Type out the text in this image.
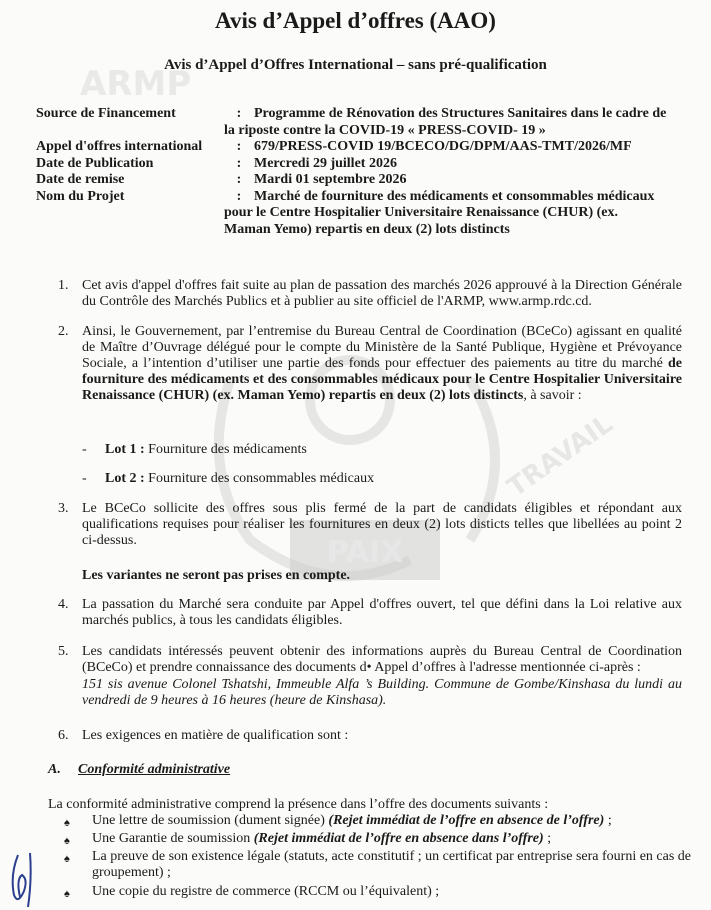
PAIX
TRAVAIL
ARMP
Avis d’Appel d’offres (AAO)
Avis d’Appel d’Offres International – sans pré-qualification
Source de Financement	: Programme de Rénovation des Structures Sanitaires dans le cadre de
la riposte contre la COVID-19 « PRESS-COVID- 19 »
Appel d'offres international	: 679/PRESS-COVID 19/BCECO/DG/DPM/AAS-TMT/2026/MF
Date de Publication	: Mercredi 29 juillet 2026
Date de remise	: Mardi 01 septembre 2026
Nom du Projet	: Marché de fourniture des médicaments et consommables médicaux
pour le Centre Hospitalier Universitaire Renaissance (CHUR) (ex.
Maman Yemo) repartis en deux (2) lots distincts
1. Cet avis d'appel d'offres fait suite au plan de passation des marchés 2026 approuvé à la Direction Générale du Contrôle des Marchés Publics et à publier au site officiel de l'ARMP, www.armp.rdc.cd.
2. Ainsi, le Gouvernement, par l’entremise du Bureau Central de Coordination (BCeCo) agissant en qualité de Maître d’Ouvrage délégué pour le compte du Ministère de la Santé Publique, Hygiène et Prévoyance Sociale, a l’intention d’utiliser une partie des fonds pour effectuer des paiements au titre du marché de fourniture des médicaments et des consommables médicaux pour le Centre Hospitalier Universitaire Renaissance (CHUR) (ex. Maman Yemo) repartis en deux (2) lots distincts, à savoir :
- Lot 1 : Fourniture des médicaments
- Lot 2 : Fourniture des consommables médicaux
3. Le BCeCo sollicite des offres sous plis fermé de la part de candidats éligibles et répondant aux qualifications requises pour réaliser les fournitures en deux (2) lots disticts telles que libellées au point 2 ci-dessus.
Les variantes ne seront pas prises en compte.
4. La passation du Marché sera conduite par Appel d'offres ouvert, tel que défini dans la Loi relative aux marchés publics, à tous les candidats éligibles.
5. Les candidats intéressés peuvent obtenir des informations auprès du Bureau Central de Coordination (BCeCo) et prendre connaissance des documents d• Appel d’offres à l'adresse mentionnée ci-après :
151 sis avenue Colonel Tshatshi, Immeuble Alfa ’s Building. Commune de Gombe/Kinshasa du lundi au vendredi de 9 heures à 16 heures (heure de Kinshasa).
6. Les exigences en matière de qualification sont :
A. Conformité administrative
La conformité administrative comprend la présence dans l’offre des documents suivants :
♠ Une lettre de soumission (dument signée) (Rejet immédiat de l’offre en absence de l’offre) ;
♠ Une Garantie de soumission (Rejet immédiat de l’offre en absence dans l’offre) ;
♠ La preuve de son existence légale (statuts, acte constitutif ; un certificat par entreprise sera fourni en cas de groupement) ;
♠ Une copie du registre de commerce (RCCM ou l’équivalent) ;
